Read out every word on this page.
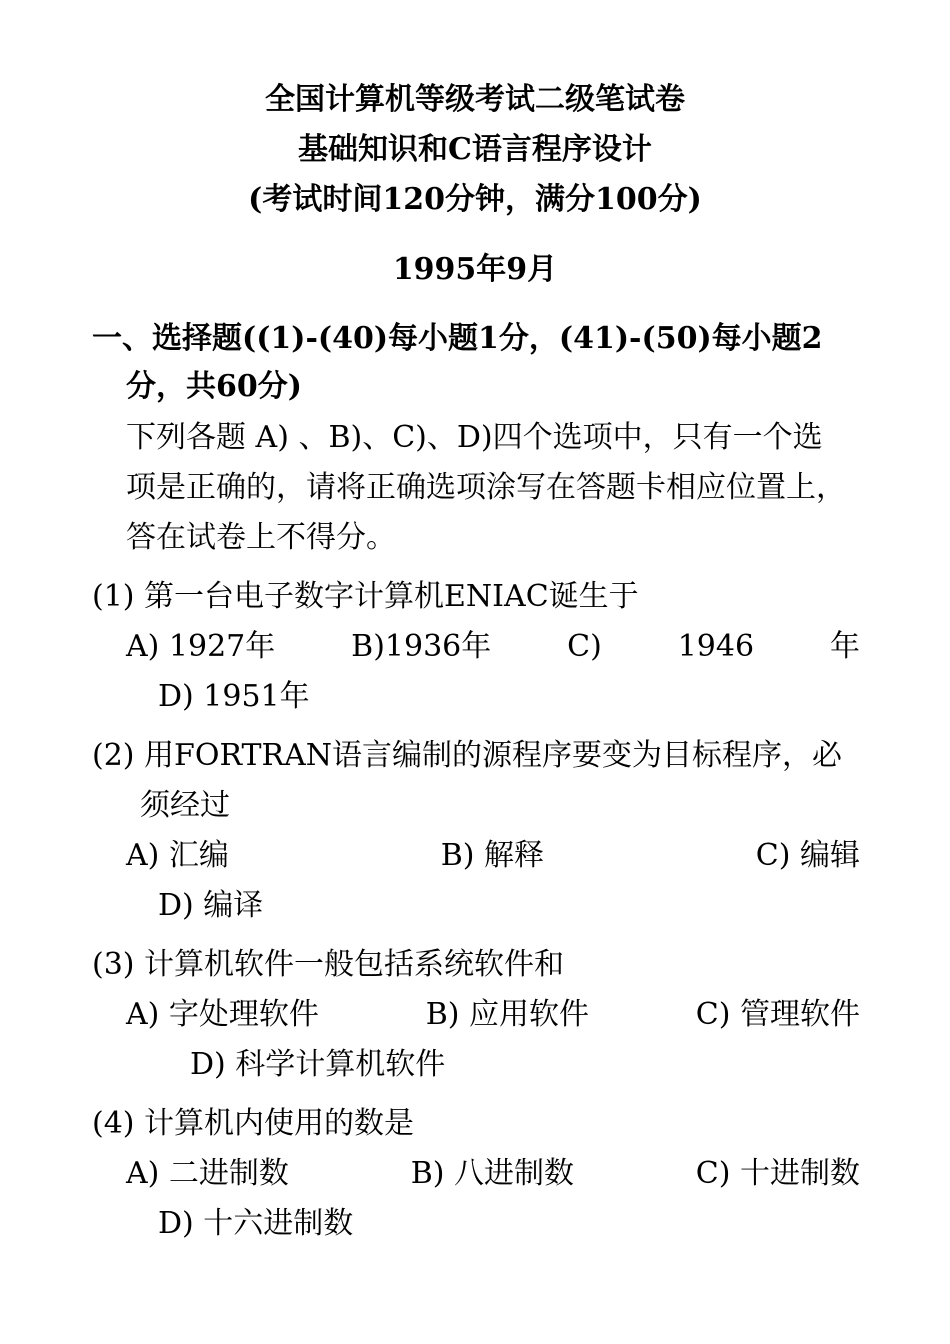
全国计算机等级考试二级笔试卷
基础知识和C语言程序设计
(考试时间120分钟，满分100分)
1995年9月
一、选择题((1)-(40)每小题1分，(41)-(50)每小题2
分，共60分)
下列各题 A) 、B)、C)、D)四个选项中，只有一个选
项是正确的，请将正确选项涂写在答题卡相应位置上，
答在试卷上不得分。
(1) 第一台电子数字计算机ENIAC诞生于
A) 1927年	B)1936年	C)	1946	年
D) 1951年
(2) 用FORTRAN语言编制的源程序要变为目标程序，必
须经过
A) 汇编	B) 解释	C) 编辑
D) 编译
(3) 计算机软件一般包括系统软件和
A) 字处理软件	B) 应用软件	C) 管理软件
D) 科学计算机软件
(4) 计算机内使用的数是
A) 二进制数	B) 八进制数	C) 十进制数
D) 十六进制数
